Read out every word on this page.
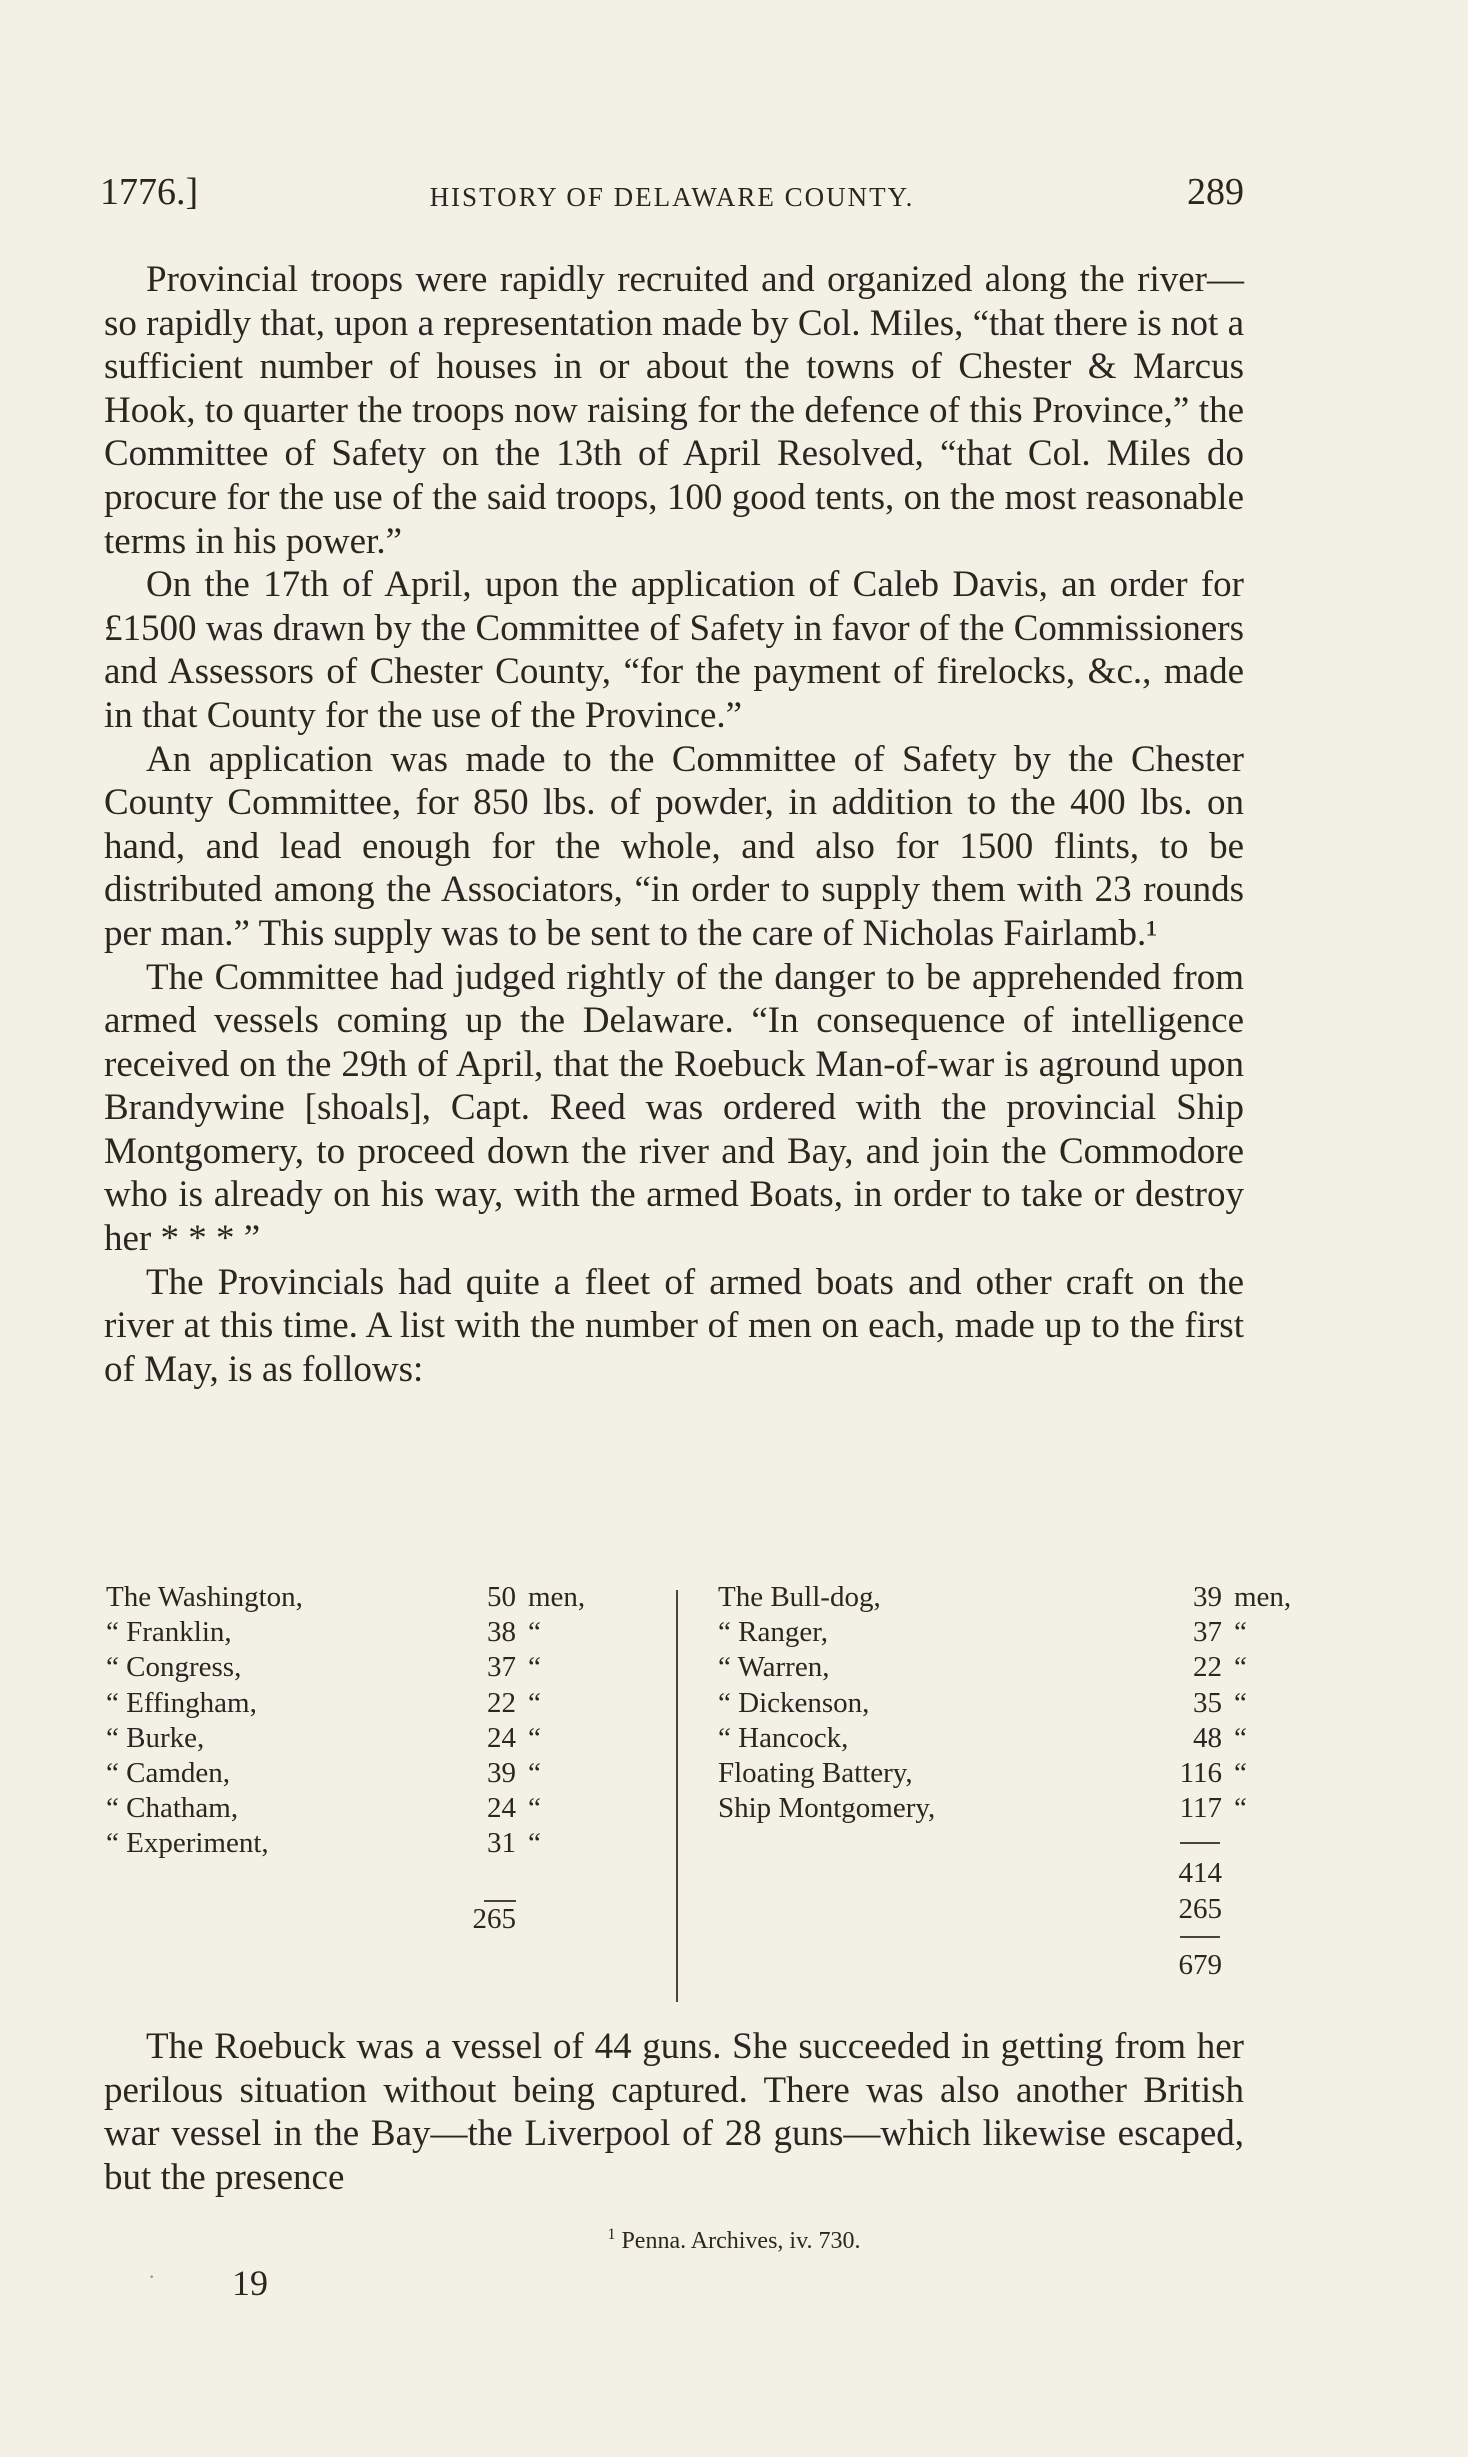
1776.]	HISTORY OF DELAWARE COUNTY.	289

Provincial troops were rapidly recruited and organized along the river—so rapidly that, upon a representation made by Col. Miles, “that there is not a sufficient number of houses in or about the towns of Chester & Marcus Hook, to quarter the troops now raising for the defence of this Province,” the Committee of Safety on the 13th of April Resolved, “that Col. Miles do procure for the use of the said troops, 100 good tents, on the most reasonable terms in his power.”

On the 17th of April, upon the application of Caleb Davis, an order for £1500 was drawn by the Committee of Safety in favor of the Commissioners and Assessors of Chester County, “for the payment of firelocks, &c., made in that County for the use of the Province.”

An application was made to the Committee of Safety by the Chester County Committee, for 850 lbs. of powder, in addition to the 400 lbs. on hand, and lead enough for the whole, and also for 1500 flints, to be distributed among the Associators, “in order to supply them with 23 rounds per man.” This supply was to be sent to the care of Nicholas Fairlamb.¹

The Committee had judged rightly of the danger to be apprehended from armed vessels coming up the Delaware. “In consequence of intelligence received on the 29th of April, that the Roebuck Man-of-war is aground upon Brandywine [shoals], Capt. Reed was ordered with the provincial Ship Montgomery, to proceed down the river and Bay, and join the Commodore who is already on his way, with the armed Boats, in order to take or destroy her * * * ”

The Provincials had quite a fleet of armed boats and other craft on the river at this time. A list with the number of men on each, made up to the first of May, is as follows:

The Washington,	50 men,
“ Franklin,	38 “
“ Congress,	37 “
“ Effingham,	22 “
“ Burke,	24 “
“ Camden,	39 “
“ Chatham,	24 “
“ Experiment,	31 “
265
The Bull-dog,	39 men,
“ Ranger,	37 “
“ Warren,	22 “
“ Dickenson,	35 “
“ Hancock,	48 “
Floating Battery,	116 “
Ship Montgomery,	117 “
414
265
679

The Roebuck was a vessel of 44 guns. She succeeded in getting from her perilous situation without being captured. There was also another British war vessel in the Bay—the Liverpool of 28 guns—which likewise escaped, but the presence

$^1$ Penna. Archives, iv. 730.
· 19
